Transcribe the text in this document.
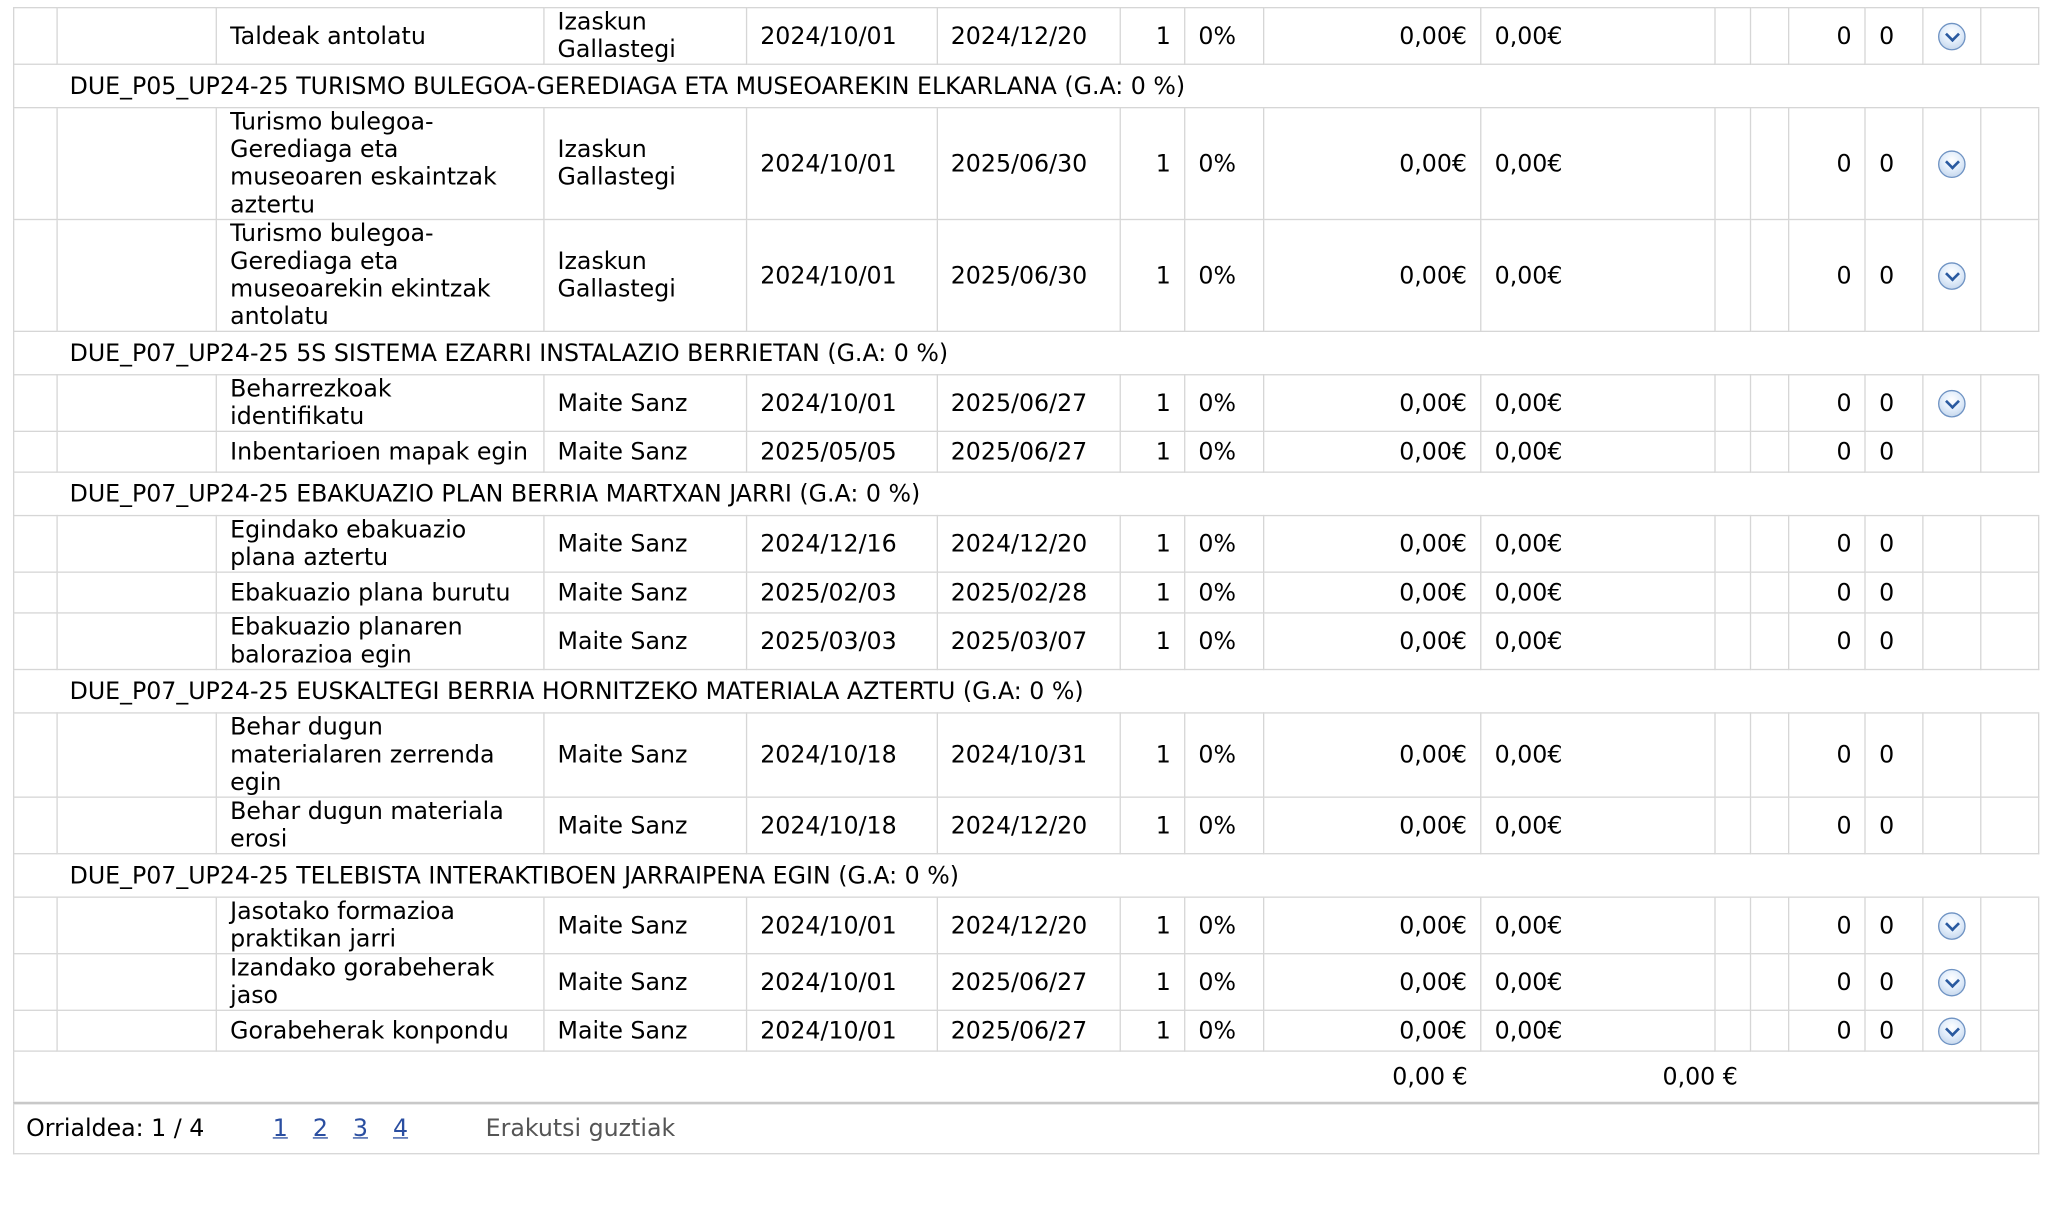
		Taldeak antolatu	Izaskun Gallastegi	2024/10/01	2024/12/20	1	0%	0,00€	0,00€			0	0		
DUE_P05_UP24-25 TURISMO BULEGOA-GEREDIAGA ETA MUSEOAREKIN ELKARLANA (G.A: 0 %)															
		Turismo bulegoa- Gerediaga eta museoaren eskaintzak aztertu	Izaskun Gallastegi	2024/10/01	2025/06/30	1	0%	0,00€	0,00€			0	0		
		Turismo bulegoa-Gerediaga eta museoarekin ekintzak antolatu	Izaskun Gallastegi	2024/10/01	2025/06/30	1	0%	0,00€	0,00€			0	0		
DUE_P07_UP24-25 5S SISTEMA EZARRI INSTALAZIO BERRIETAN (G.A: 0 %)															
		Beharrezkoak identifikatu	Maite Sanz	2024/10/01	2025/06/27	1	0%	0,00€	0,00€			0	0		
		Inbentarioen mapak egin	Maite Sanz	2025/05/05	2025/06/27	1	0%	0,00€	0,00€			0	0		
DUE_P07_UP24-25 EBAKUAZIO PLAN BERRIA MARTXAN JARRI (G.A: 0 %)															
		Egindako ebakuazio plana aztertu	Maite Sanz	2024/12/16	2024/12/20	1	0%	0,00€	0,00€			0	0		
		Ebakuazio plana burutu	Maite Sanz	2025/02/03	2025/02/28	1	0%	0,00€	0,00€			0	0		
		Ebakuazio planaren balorazioa egin	Maite Sanz	2025/03/03	2025/03/07	1	0%	0,00€	0,00€			0	0		
DUE_P07_UP24-25 EUSKALTEGI BERRIA HORNITZEKO MATERIALA AZTERTU (G.A: 0 %)															
		Behar dugun materialaren zerrenda egin	Maite Sanz	2024/10/18	2024/10/31	1	0%	0,00€	0,00€			0	0		
		Behar dugun materiala erosi	Maite Sanz	2024/10/18	2024/12/20	1	0%	0,00€	0,00€			0	0		
DUE_P07_UP24-25 TELEBISTA INTERAKTIBOEN JARRAIPENA EGIN (G.A: 0 %)															
		Jasotako formazioa praktikan jarri	Maite Sanz	2024/10/01	2024/12/20	1	0%	0,00€	0,00€			0	0		
		Izandako gorabeherak jaso	Maite Sanz	2024/10/01	2025/06/27	1	0%	0,00€	0,00€			0	0		
		Gorabeherak konpondu	Maite Sanz	2024/10/01	2025/06/27	1	0%	0,00€	0,00€			0	0		
								0,00 €	0,00 €						
Orrialdea: 1 / 4	1 2 3 4	Erakutsi guztiak
